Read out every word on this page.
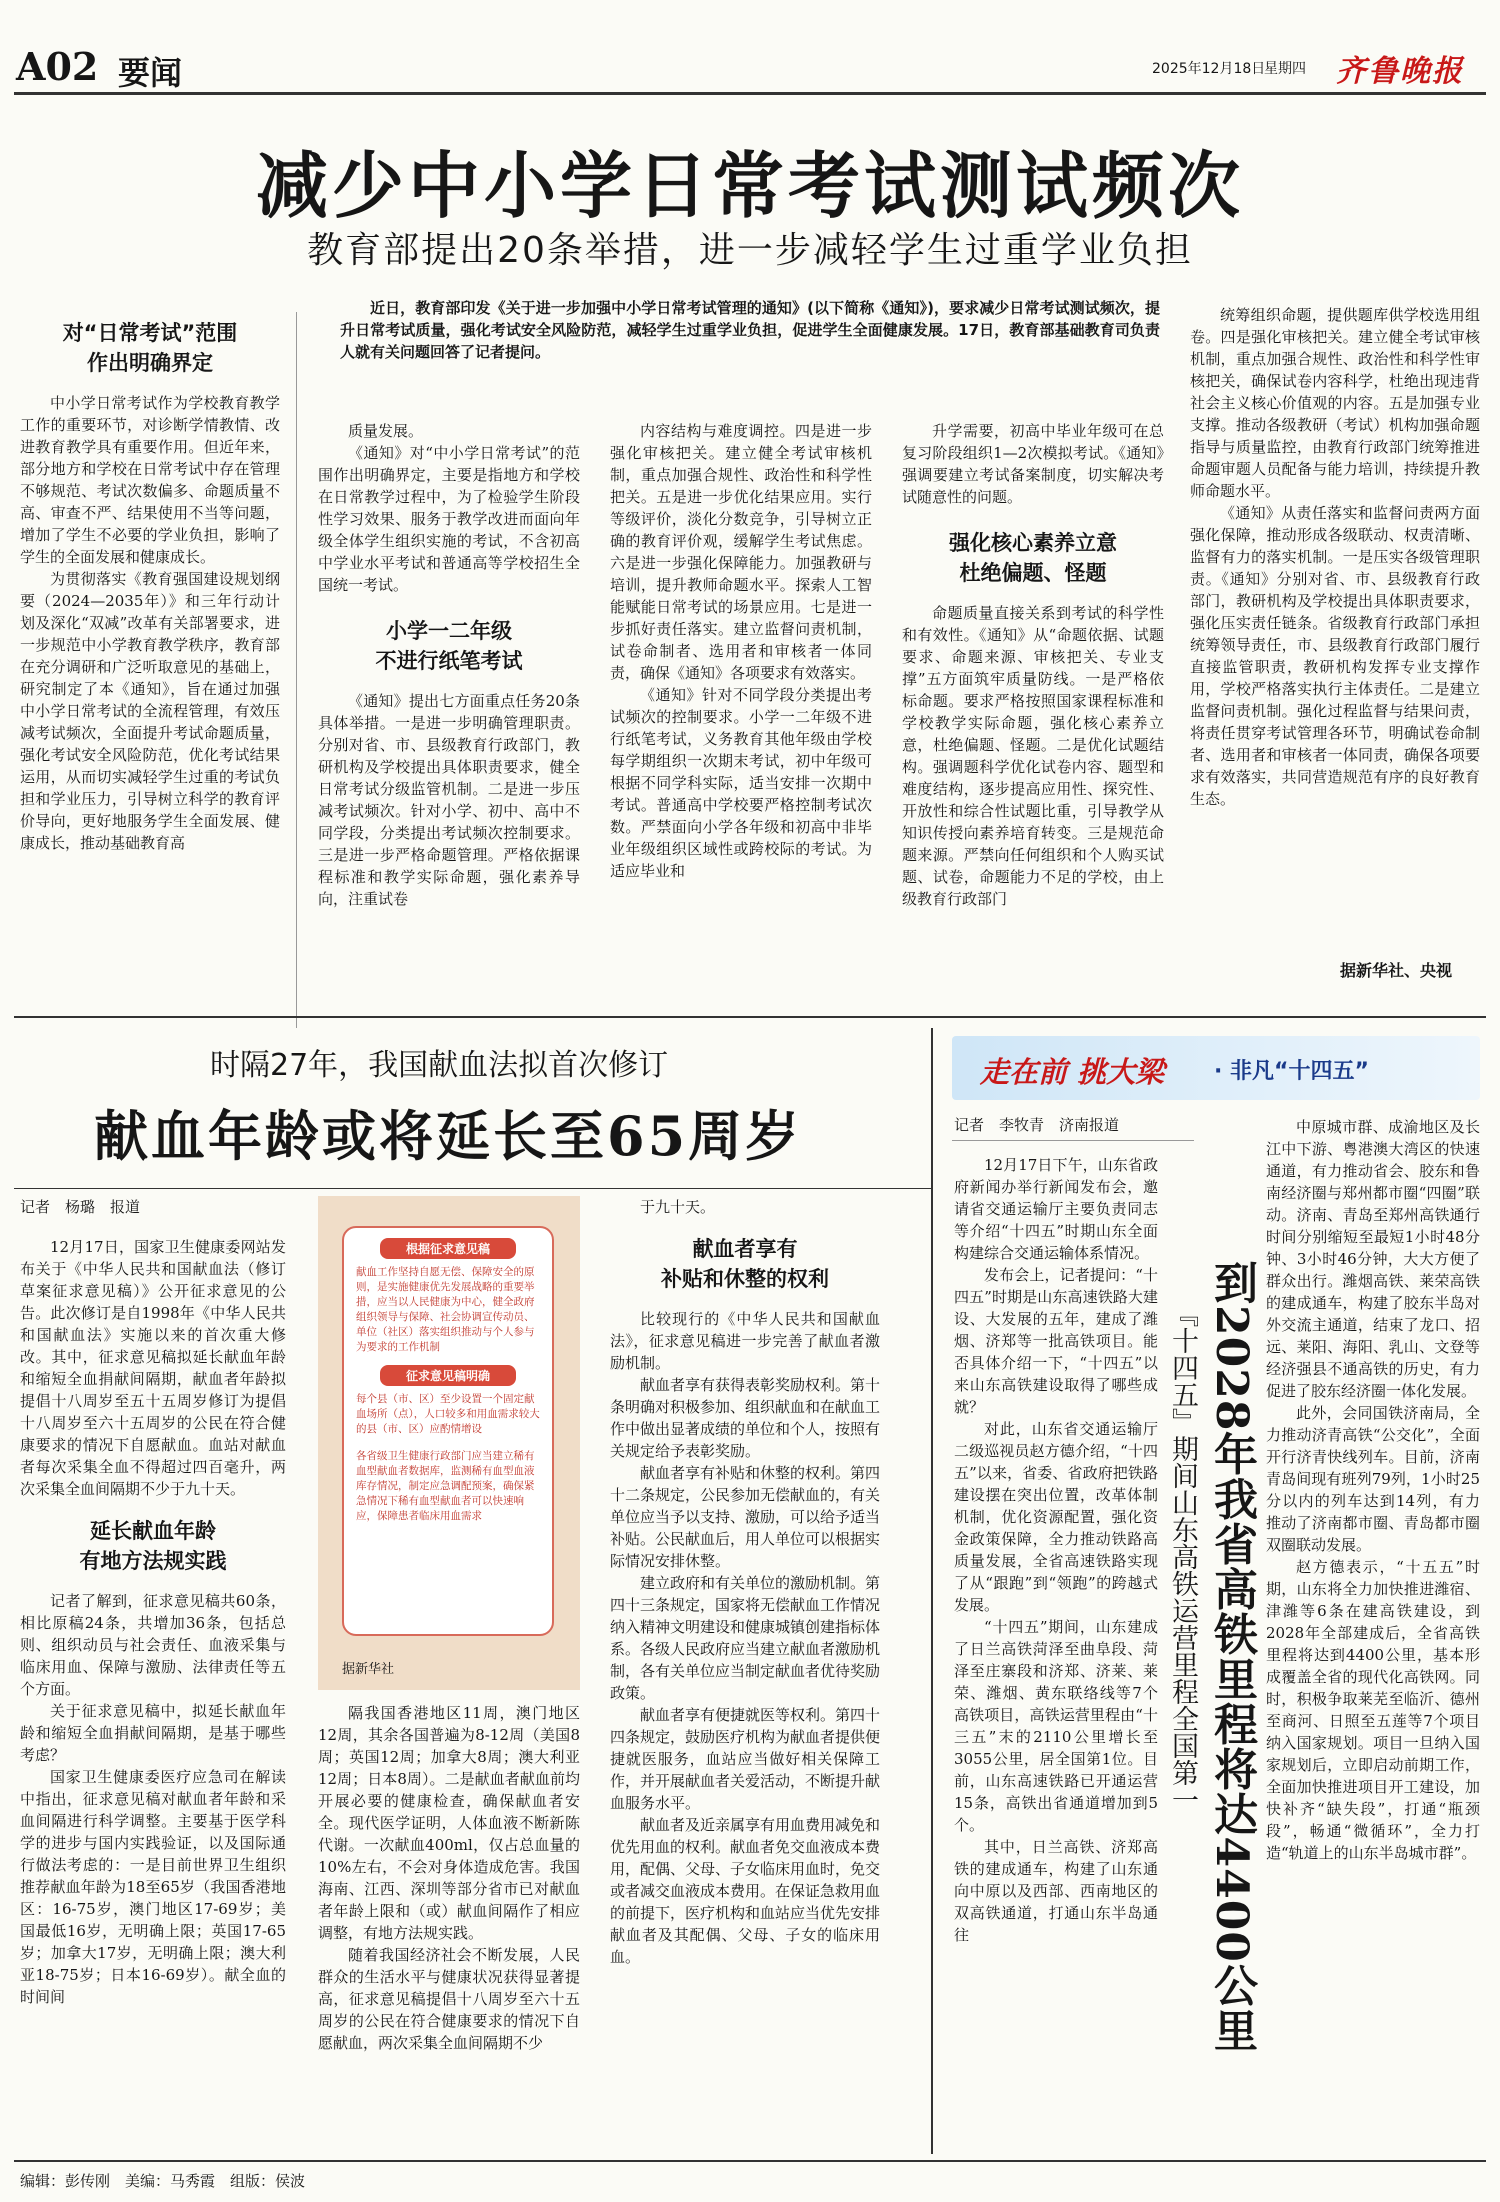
A02 要闻	2025年12月18日
星期四 齐鲁晚报
减少中小学日常考试测试频次
教育部提出20条举措，进一步减轻学生过重学业负担

近日，教育部印发《关于进一步加强中小学日常考试管理的通知》(以下简称《通知》)，要求减少日常考试测试频次，提升日常考试质量，强化考试安全风险防范，减轻学生过重学业负担，促进学生全面健康发展。17日，教育部基础教育司负责人就有关问题回答了记者提问。

对“日常考试”范围
作出明确界定

中小学日常考试作为学校教育教学工作的重要环节，对诊断学情教情、改进教育教学具有重要作用。但近年来，部分地方和学校在日常考试中存在管理不够规范、考试次数偏多、命题质量不高、审查不严、结果使用不当等问题，增加了学生不必要的学业负担，影响了学生的全面发展和健康成长。

为贯彻落实《教育强国建设规划纲要（2024—2035年）》和三年行动计划及深化“双减”改革有关部署要求，进一步规范中小学教育教学秩序，教育部在充分调研和广泛听取意见的基础上，研究制定了本《通知》，旨在通过加强中小学日常考试的全流程管理，有效压减考试频次，全面提升考试命题质量，强化考试安全风险防范，优化考试结果运用，从而切实减轻学生过重的考试负担和学业压力，引导树立科学的教育评价导向，更好地服务学生全面发展、健康成长，推动基础教育高

质量发展。

《通知》对“中小学日常考试”的范围作出明确界定，主要是指地方和学校在日常教学过程中，为了检验学生阶段性学习效果、服务于教学改进而面向年级全体学生组织实施的考试，不含初高中学业水平考试和普通高等学校招生全国统一考试。

小学一二年级
不进行纸笔考试

《通知》提出七方面重点任务20条具体举措。一是进一步明确管理职责。分别对省、市、县级教育行政部门，教研机构及学校提出具体职责要求，健全日常考试分级监管机制。二是进一步压减考试频次。针对小学、初中、高中不同学段，分类提出考试频次控制要求。三是进一步严格命题管理。严格依据课程标准和教学实际命题，强化素养导向，注重试卷

内容结构与难度调控。四是进一步强化审核把关。建立健全考试审核机制，重点加强合规性、政治性和科学性把关。五是进一步优化结果应用。实行等级评价，淡化分数竞争，引导树立正确的教育评价观，缓解学生考试焦虑。六是进一步强化保障能力。加强教研与培训，提升教师命题水平。探索人工智能赋能日常考试的场景应用。七是进一步抓好责任落实。建立监督问责机制，试卷命制者、选用者和审核者一体同责，确保《通知》各项要求有效落实。

《通知》针对不同学段分类提出考试频次的控制要求。小学一二年级不进行纸笔考试，义务教育其他年级由学校每学期组织一次期末考试，初中年级可根据不同学科实际，适当安排一次期中考试。普通高中学校要严格控制考试次数。严禁面向小学各年级和初高中非毕业年级组织区域性或跨校际的考试。为适应毕业和

升学需要，初高中毕业年级可在总复习阶段组织1—2次模拟考试。《通知》强调要建立考试备案制度，切实解决考试随意性的问题。

强化核心素养立意
杜绝偏题、怪题

命题质量直接关系到考试的科学性和有效性。《通知》从“命题依据、试题要求、命题来源、审核把关、专业支撑”五方面筑牢质量防线。一是严格依标命题。要求严格按照国家课程标准和学校教学实际命题，强化核心素养立意，杜绝偏题、怪题。二是优化试题结构。强调题科学优化试卷内容、题型和难度结构，逐步提高应用性、探究性、开放性和综合性试题比重，引导教学从知识传授向素养培育转变。三是规范命题来源。严禁向任何组织和个人购买试题、试卷，命题能力不足的学校，由上级教育行政部门

统筹组织命题，提供题库供学校选用组卷。四是强化审核把关。建立健全考试审核机制，重点加强合规性、政治性和科学性审核把关，确保试卷内容科学，杜绝出现违背社会主义核心价值观的内容。五是加强专业支撑。推动各级教研（考试）机构加强命题指导与质量监控，由教育行政部门统筹推进命题审题人员配备与能力培训，持续提升教师命题水平。

《通知》从责任落实和监督问责两方面强化保障，推动形成各级联动、权责清晰、监督有力的落实机制。一是压实各级管理职责。《通知》分别对省、市、县级教育行政部门，教研机构及学校提出具体职责要求，强化压实责任链条。省级教育行政部门承担统筹领导责任，市、县级教育行政部门履行直接监管职责，教研机构发挥专业支撑作用，学校严格落实执行主体责任。二是建立监督问责机制。强化过程监督与结果问责，将责任贯穿考试管理各环节，明确试卷命制者、选用者和审核者一体同责，确保各项要求有效落实，共同营造规范有序的良好教育生态。

据新华社、央视
时隔27年，我国献血法拟首次修订
献血年龄或将延长至65周岁
记者　杨璐　报道

12月17日，国家卫生健康委网站发布关于《中华人民共和国献血法（修订草案征求意见稿）》公开征求意见的公告。此次修订是自1998年《中华人民共和国献血法》实施以来的首次重大修改。其中，征求意见稿拟延长献血年龄和缩短全血捐献间隔期，献血者年龄拟提倡十八周岁至五十五周岁修订为提倡十八周岁至六十五周岁的公民在符合健康要求的情况下自愿献血。血站对献血者每次采集全血不得超过四百毫升，两次采集全血间隔期不少于九十天。

延长献血年龄
有地方法规实践

记者了解到，征求意见稿共60条，相比原稿24条，共增加36条，包括总则、组织动员与社会责任、血液采集与临床用血、保障与激励、法律责任等五个方面。

关于征求意见稿中，拟延长献血年龄和缩短全血捐献间隔期，是基于哪些考虑？

国家卫生健康委医疗应急司在解读中指出，征求意见稿对献血者年龄和采血间隔进行科学调整。主要基于医学科学的进步与国内实践验证，以及国际通行做法考虑的：一是目前世界卫生组织推荐献血年龄为18至65岁（我国香港地区：16-75岁，澳门地区17-69岁；美国最低16岁，无明确上限；英国17-65岁；加拿大17岁，无明确上限；澳大利亚18-75岁；日本16-69岁）。献全血的时间间

根据征求意见稿
献血工作坚持自愿无偿、保障安全的原则，是实施健康优先发展战略的重要举措，应当以人民健康为中心，健全政府组织领导与保障、社会协调宣传动员、单位（社区）落实组织推动与个人参与为要求的工作机制
征求意见稿明确
每个县（市、区）至少设置一个固定献血场所（点），人口较多和用血需求较大的县（市、区）应酌情增设
各省级卫生健康行政部门应当建立稀有血型献血者数据库，监测稀有血型血液库存情况，制定应急调配预案，确保紧急情况下稀有血型献血者可以快速响应，保障患者临床用血需求
据新华社

隔我国香港地区11周，澳门地区12周，其余各国普遍为8-12周（美国8周；英国12周；加拿大8周；澳大利亚12周；日本8周）。二是献血者献血前均开展必要的健康检查，确保献血者安全。现代医学证明，人体血液不断新陈代谢。一次献血400ml，仅占总血量的10%左右，不会对身体造成危害。我国海南、江西、深圳等部分省市已对献血者年龄上限和（或）献血间隔作了相应调整，有地方法规实践。

随着我国经济社会不断发展，人民群众的生活水平与健康状况获得显著提高，征求意见稿提倡十八周岁至六十五周岁的公民在符合健康要求的情况下自愿献血，两次采集全血间隔期不少

于九十天。

献血者享有
补贴和休整的权利

比较现行的《中华人民共和国献血法》，征求意见稿进一步完善了献血者激励机制。

献血者享有获得表彰奖励权利。第十条明确对积极参加、组织献血和在献血工作中做出显著成绩的单位和个人，按照有关规定给予表彰奖励。

献血者享有补贴和休整的权利。第四十二条规定，公民参加无偿献血的，有关单位应当予以支持、激励，可以给予适当补贴。公民献血后，用人单位可以根据实际情况安排休整。

建立政府和有关单位的激励机制。第四十三条规定，国家将无偿献血工作情况纳入精神文明建设和健康城镇创建指标体系。各级人民政府应当建立献血者激励机制，各有关单位应当制定献血者优待奖励政策。

献血者享有便捷就医等权利。第四十四条规定，鼓励医疗机构为献血者提供便捷就医服务，血站应当做好相关保障工作，并开展献血者关爱活动，不断提升献血服务水平。

献血者及近亲属享有用血费用减免和优先用血的权利。献血者免交血液成本费用，配偶、父母、子女临床用血时，免交或者减交血液成本费用。在保证急救用血的前提下，医疗机构和血站应当优先安排献血者及其配偶、父母、子女的临床用血。

走在前 挑大梁 · 非凡“十四五”
记者　李牧青　济南报道

12月17日下午，山东省政府新闻办举行新闻发布会，邀请省交通运输厅主要负责同志等介绍“十四五”时期山东全面构建综合交通运输体系情况。

发布会上，记者提问：“十四五”时期是山东高速铁路大建设、大发展的五年，建成了潍烟、济郑等一批高铁项目。能否具体介绍一下，“十四五”以来山东高铁建设取得了哪些成就？

对此，山东省交通运输厅二级巡视员赵方德介绍，“十四五”以来，省委、省政府把铁路建设摆在突出位置，改革体制机制，优化资源配置，强化资金政策保障，全力推动铁路高质量发展，全省高速铁路实现了从“跟跑”到“领跑”的跨越式发展。

“十四五”期间，山东建成了日兰高铁菏泽至曲阜段、菏泽至庄寨段和济郑、济莱、莱荣、潍烟、黄东联络线等7个高铁项目，高铁运营里程由“十三五”末的2110公里增长至3055公里，居全国第1位。目前，山东高速铁路已开通运营15条，高铁出省通道增加到5个。

其中，日兰高铁、济郑高铁的建成通车，构建了山东通向中原以及西部、西南地区的双高铁通道，打通山东半岛通往

『十四五』期间山东高铁运营里程全国第一 到2028年我省高铁里程将达4400公里

中原城市群、成渝地区及长江中下游、粤港澳大湾区的快速通道，有力推动省会、胶东和鲁南经济圈与郑州都市圈“四圈”联动。济南、青岛至郑州高铁通行时间分别缩短至最短1小时48分钟、3小时46分钟，大大方便了群众出行。潍烟高铁、莱荣高铁的建成通车，构建了胶东半岛对外交流主通道，结束了龙口、招远、莱阳、海阳、乳山、文登等经济强县不通高铁的历史，有力促进了胶东经济圈一体化发展。

此外，会同国铁济南局，全力推动济青高铁“公交化”，全面开行济青快线列车。目前，济南青岛间现有班列79列，1小时25分以内的列车达到14列，有力推动了济南都市圈、青岛都市圈双圈联动发展。

赵方德表示，“十五五”时期，山东将全力加快推进潍宿、津潍等6条在建高铁建设，到2028年全部建成后，全省高铁里程将达到4400公里，基本形成覆盖全省的现代化高铁网。同时，积极争取莱芜至临沂、德州至商河、日照至五莲等7个项目纳入国家规划。项目一旦纳入国家规划后，立即启动前期工作，全面加快推进项目开工建设，加快补齐“缺失段”，打通“瓶颈段”，畅通“微循环”，全力打造“轨道上的山东半岛城市群”。

编辑：彭传刚　美编：马秀霞　组版：侯波
